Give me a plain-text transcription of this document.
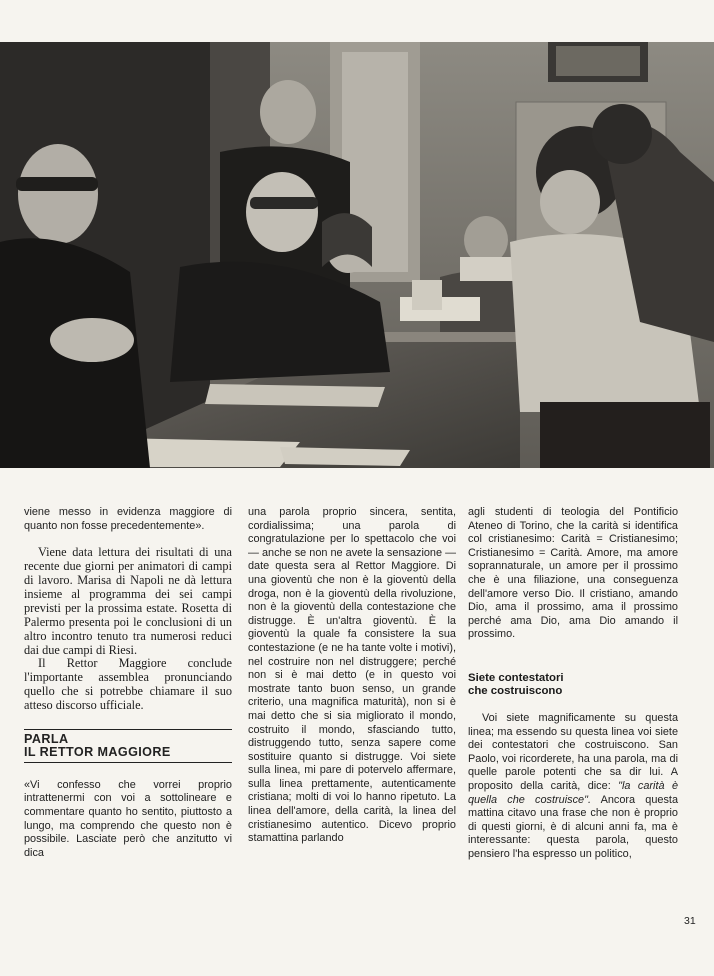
viene messo in evidenza maggiore di quanto non fosse precedentemente».

Viene data lettura dei risultati di una recente due giorni per animatori di campi di lavoro. Marisa di Napoli ne dà lettura insieme al programma dei sei campi previsti per la prossima estate. Rosetta di Palermo presenta poi le conclusioni di un altro incontro tenuto tra numerosi reduci dai due campi di Riesi.

Il Rettor Maggiore conclude l'importante assemblea pronunciando quello che si potrebbe chiamare il suo atteso discorso ufficiale.

PARLA
IL RETTOR MAGGIORE

«Vi confesso che vorrei proprio intrattenermi con voi a sottolineare e commentare quanto ho sentito, piuttosto a lungo, ma comprendo che questo non è possibile. Lasciate però che anzitutto vi dica

una parola proprio sincera, sentita, cordialissima; una parola di congratulazione per lo spettacolo che voi — anche se non ne avete la sensazione — date questa sera al Rettor Maggiore. Di una gioventù che non è la gioventù della droga, non è la gioventù della rivoluzione, non è la gioventù della contestazione che distrugge. È un'altra gioventù. È la gioventù la quale fa consistere la sua contestazione (e ne ha tante volte i motivi), nel costruire non nel distruggere; perché non si è mai detto (e in questo voi mostrate tanto buon senso, un grande criterio, una magnifica maturità), non si è mai detto che si sia migliorato il mondo, costruito il mondo, sfasciando tutto, distruggendo tutto, senza sapere come sostituire quanto si distrugge. Voi siete sulla linea, mi pare di potervelo affermare, sulla linea prettamente, autenticamente cristiana; molti di voi lo hanno ripetuto. La linea dell'amore, della carità, la linea del cristianesimo autentico. Dicevo proprio stamattina parlando

agli studenti di teologia del Pontificio Ateneo di Torino, che la carità si identifica col cristianesimo: Carità = Cristianesimo; Cristianesimo = Carità. Amore, ma amore soprannaturale, un amore per il prossimo che è una filiazione, una conseguenza dell'amore verso Dio. Il cristiano, amando Dio, ama il prossimo, ama il prossimo perché ama Dio, ama Dio amando il prossimo.

Siete contestatori
che costruiscono

Voi siete magnificamente su questa linea; ma essendo su questa linea voi siete dei contestatori che costruiscono. San Paolo, voi ricorderete, ha una parola, ma di quelle parole potenti che sa dir lui. A proposito della carità, dice: "la carità è quella che costruisce". Ancora questa mattina citavo una frase che non è proprio di questi giorni, è di alcuni anni fa, ma è interessante: questa parola, questo pensiero l'ha espresso un politico,

31
